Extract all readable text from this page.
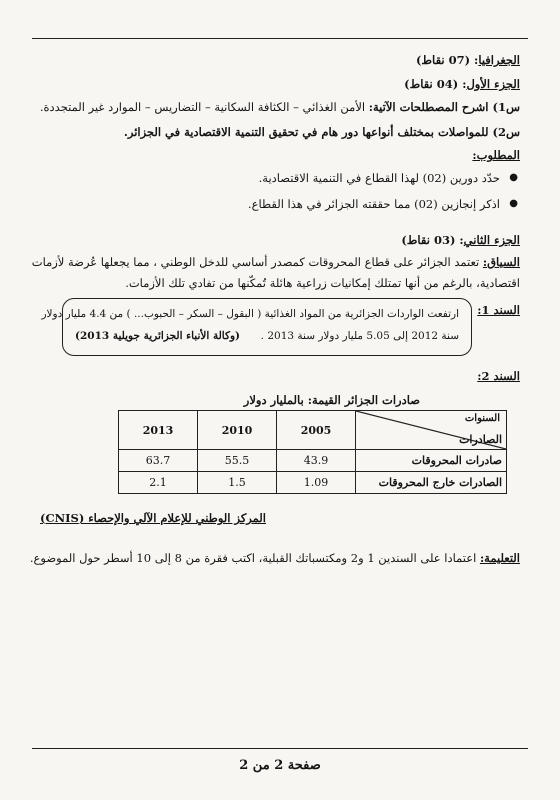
الجغرافيا: (07 نقاط)
الجزء الأول: (04 نقاط)
س1) اشرح المصطلحات الآتية: الأمن الغذائي – الكثافة السكانية – التضاريس – الموارد غير المتجددة.
س2) للمواصلات بمختلف أنواعها دور هام في تحقيق التنمية الاقتصادية في الجزائر.
المطلوب:
●
حدّد دورين (02) لهذا القطاع في التنمية الاقتصادية.
●
اذكر إنجازين (02) مما حققته الجزائر في هذا القطاع.
الجزء الثاني: (03 نقاط)
السياق: تعتمد الجزائر على قطاع المحروقات كمصدر أساسي للدخل الوطني ، مما يجعلها عُرضة لأزمات
اقتصادية، بالرغم من أنها تمتلك إمكانيات زراعية هائلة تُمكّنها من تفادي تلك الأزمات.
السند 1:
ارتفعت الواردات الجزائرية من المواد الغذائية ( البقول – السكر – الحبوب... ) من 4.4 مليار دولار
سنة 2012 إلى 5.05 مليار دولار سنة 2013 .
(وكالة الأنباء الجزائرية جويلية 2013)
السند 2:
صادرات الجزائر القيمة: بالمليار دولار
2013	2010	2005	السنوات
الصادرات

63.7	55.5	43.9	صادرات المحروقات
2.1	1.5	1.09	الصادرات خارج المحروقات
المركز الوطني للإعلام الآلي والإحصاء (CNIS)
التعليمة: اعتمادا على السندين 1 و2 ومكتسباتك القبلية، اكتب فقرة من 8 إلى 10 أسطر حول الموضوع.
صفحة 2 من 2
